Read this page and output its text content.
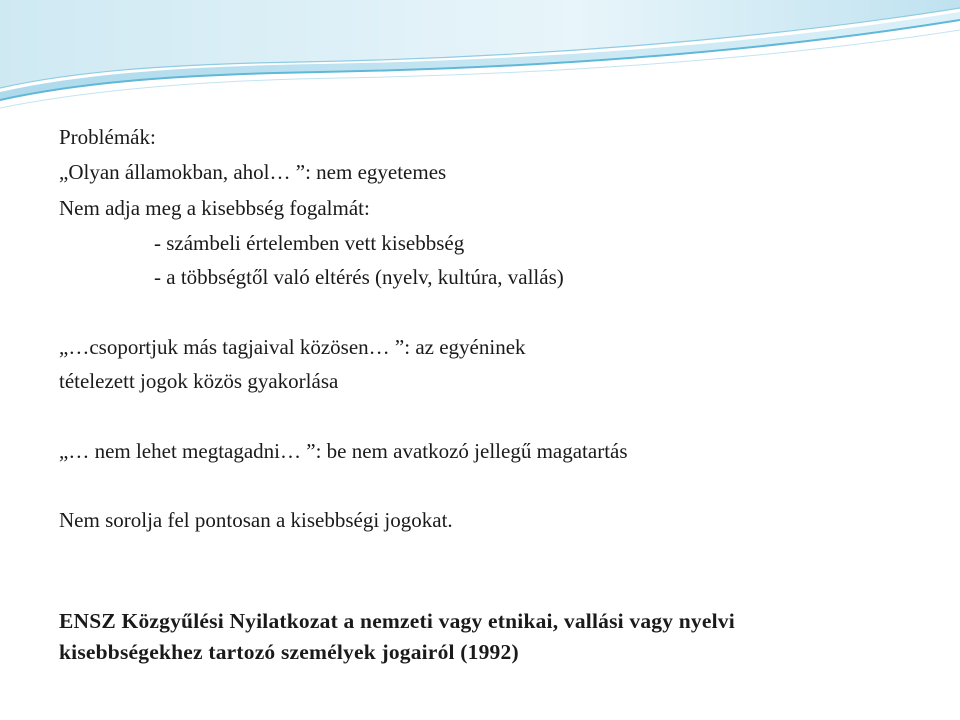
Problémák:
„Olyan államokban, ahol… ”: nem egyetemes
Nem adja meg a kisebbség fogalmát:
- számbeli értelemben vett kisebbség
- a többségtől való eltérés (nyelv, kultúra, vallás)
„…csoportjuk más tagjaival közösen… ”: az egyéninek
tételezett jogok közös gyakorlása
„… nem lehet megtagadni… ”: be nem avatkozó jellegű magatartás
Nem sorolja fel pontosan a kisebbségi jogokat.
ENSZ Közgyűlési Nyilatkozat a nemzeti vagy etnikai, vallási vagy nyelvi
kisebbségekhez tartozó személyek jogairól (1992)
